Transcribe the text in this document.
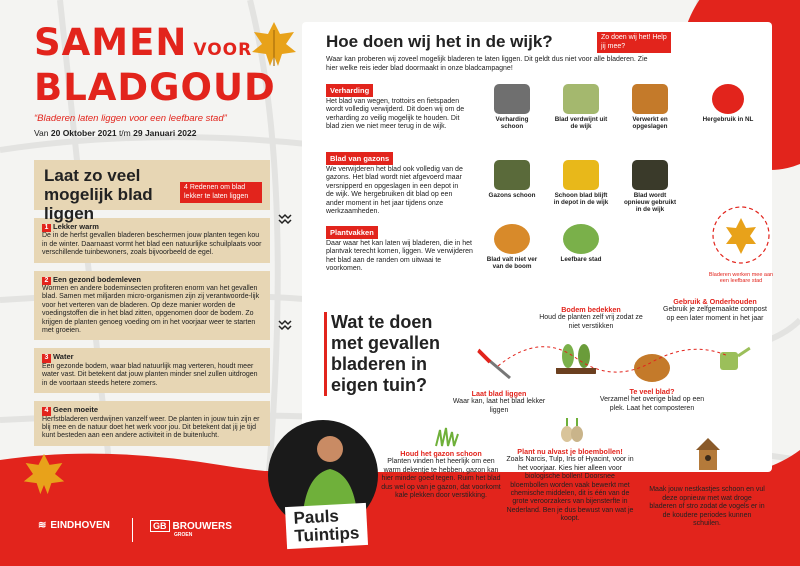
SAMEN VOOR
BLADGOUD
“Bladeren laten liggen voor een leefbare stad”
Van 20 Oktober 2021 t/m 29 Januari 2022
Laat zo veel mogelijk blad liggen
4 Redenen om blad lekker te laten liggen
1 Lekker warm
De in de herfst gevallen bladeren beschermen jouw planten tegen kou in de winter. Daarnaast vormt het blad een natuurlijke schuilplaats voor verschillende tuinbewoners, zoals bijvoorbeeld de egel.
2 Een gezond bodemleven
Wormen en andere bodeminsecten profiteren enorm van het gevallen blad. Samen met miljarden micro-organismen zijn zij verantwoorde-lijk voor het verteren van de bladeren. Op deze manier worden de voedingstoffen die in het blad zitten, opgenomen door de bodem. Zo krijgen de planten genoeg voeding om in het voorjaar weer te starten met groeien.
3 Water
Een gezonde bodem, waar blad natuurlijk mag verteren, houdt meer water vast. Dit betekent dat jouw planten minder snel zullen uitdrogen in de voortaan steeds hetere zomers.
4 Geen moeite
Herfstbladeren verdwijnen vanzelf weer. De planten in jouw tuin zijn er blij mee en de natuur doet het werk voor jou. Dit betekent dat jij je tijd kunt besteden aan een andere activiteit in de buitenlucht.
Hoe doen wij het in de wijk?	Zo doen wij het! Help jij mee?
Waar kan proberen wij zoveel mogelijk bladeren te laten liggen. Dit geldt dus niet voor alle bladeren. Zie hier welke reis ieder blad doormaakt in onze bladcampagne!
Verharding
Het blad van wegen, trottoirs en fietspaden wordt volledig verwijderd. Dit doen wij om de verharding zo veilig mogelijk te houden. Dit blad zien we niet meer terug in de wijk.
Verharding schoon
Blad verdwijnt uit de wijk
Verwerkt en opgeslagen
Hergebruik in NL
Blad van gazons
We verwijderen het blad ook volledig van de gazons. Het blad wordt niet afgevoerd maar versnipperd en opgeslagen in een depot in de wijk. We hergebruiken dit blad op een ander moment in het jaar tijdens onze werkzaamheden.
Gazons schoon	Schoon blad blijft in depot in de wijk
Blad wordt opnieuw gebruikt in de wijk
Plantvakken
Daar waar het kan laten wij bladeren, die in het plantvak terecht komen, liggen. We verwijderen het blad aan de randen om uitwaai te voorkomen.
Blad valt niet ver van de boom
Leefbare stad
Bladeren werken mee aan een leefbare stad
Wat te doen met gevallen bladeren in eigen tuin?
Bodem bedekken
Houd de planten zelf vrij zodat ze niet verstikken
Gebruik & Onderhouden
Gebruik je zelfgemaakte compost op een later moment in het jaar
Laat blad liggen
Waar kan, laat het blad lekker liggen
Te veel blad?
Verzamel het overige blad op een plek. Laat het composteren
Pauls
Tuintips
Houd het gazon schoon
Planten vinden het heerlijk om een warm dekentje te hebben, gazon kan hier minder goed tegen. Ruim het blad dus wel op van je gazon, dat voorkomt kale plekken door verstikking.
Plant nu alvast je bloembollen!
Zoals Narcis, Tulp, Iris of Hyacint, voor in het voorjaar. Kies hier alleen voor biologische bollen! Doorsnee bloembollen worden vaak bewerkt met chemische middelen, dit is één van de grote veroorzakers van bijensterfte in Nederland. Ben je dus bewust van wat je koopt.
Houd de nestkastjes schoon
Maak jouw nestkastjes schoon en vul deze opnieuw met wat droge bladeren of stro zodat de vogels er in de koudere periodes kunnen schuilen.
≋ EINDHOVEN	GB BROUWERS
GROEN
